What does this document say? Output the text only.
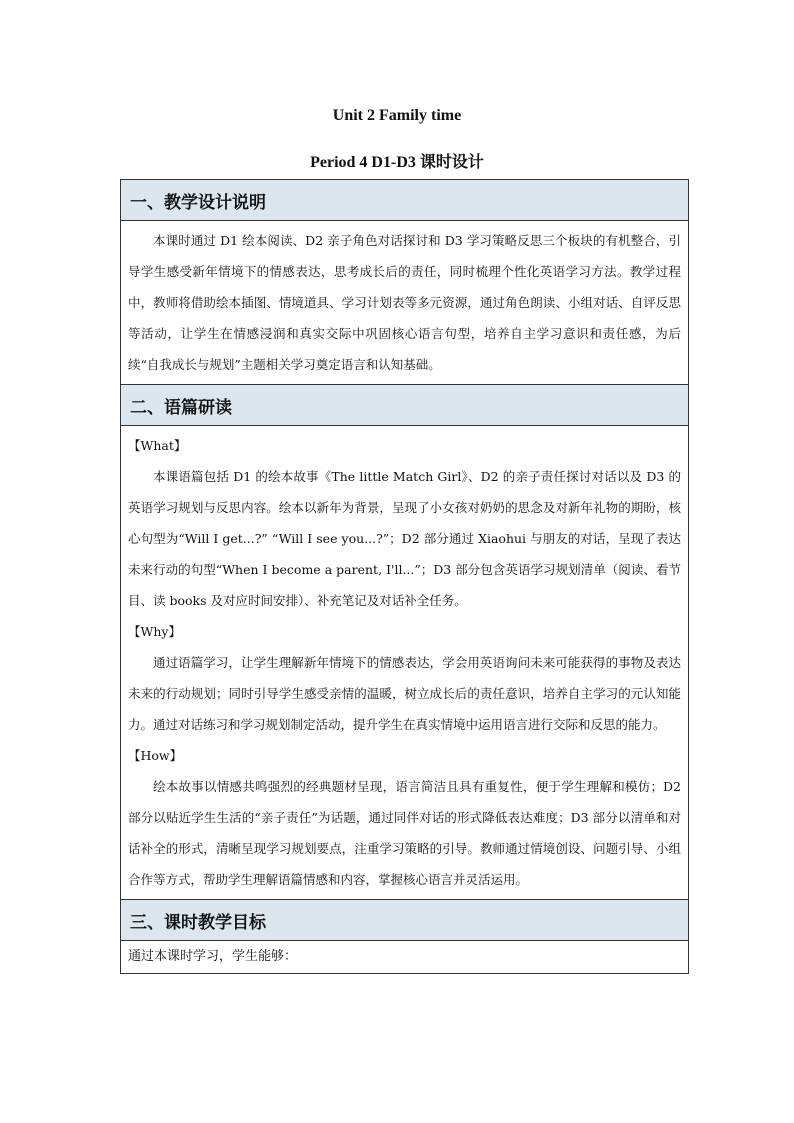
Unit 2 Family time
Period 4 D1-D3 课时设计
一、教学设计说明

本课时通过 D1 绘本阅读、D2 亲子角色对话探讨和 D3 学习策略反思三个板块的有机整合，引导学生感受新年情境下的情感表达，思考成长后的责任，同时梳理个性化英语学习方法。教学过程中，教师将借助绘本插图、情境道具、学习计划表等多元资源，通过角色朗读、小组对话、自评反思等活动，让学生在情感浸润和真实交际中巩固核心语言句型，培养自主学习意识和责任感，为后续“自我成长与规划”主题相关学习奠定语言和认知基础。

二、语篇研读

【What】

本课语篇包括 D1 的绘本故事《The little Match Girl》、D2 的亲子责任探讨对话以及 D3 的英语学习规划与反思内容。绘本以新年为背景，呈现了小女孩对奶奶的思念及对新年礼物的期盼，核心句型为“Will I get...?” “Will I see you...?”；D2 部分通过 Xiaohui 与朋友的对话，呈现了表达未来行动的句型“When I become a parent, I'll...”；D3 部分包含英语学习规划清单（阅读、看节目、读 books 及对应时间安排）、补充笔记及对话补全任务。

【Why】

通过语篇学习，让学生理解新年情境下的情感表达，学会用英语询问未来可能获得的事物及表达未来的行动规划；同时引导学生感受亲情的温暖，树立成长后的责任意识，培养自主学习的元认知能力。通过对话练习和学习规划制定活动，提升学生在真实情境中运用语言进行交际和反思的能力。

【How】

绘本故事以情感共鸣强烈的经典题材呈现，语言简洁且具有重复性，便于学生理解和模仿；D2 部分以贴近学生生活的“亲子责任”为话题，通过同伴对话的形式降低表达难度；D3 部分以清单和对话补全的形式，清晰呈现学习规划要点，注重学习策略的引导。教师通过情境创设、问题引导、小组合作等方式，帮助学生理解语篇情感和内容，掌握核心语言并灵活运用。

三、课时教学目标
通过本课时学习，学生能够：
